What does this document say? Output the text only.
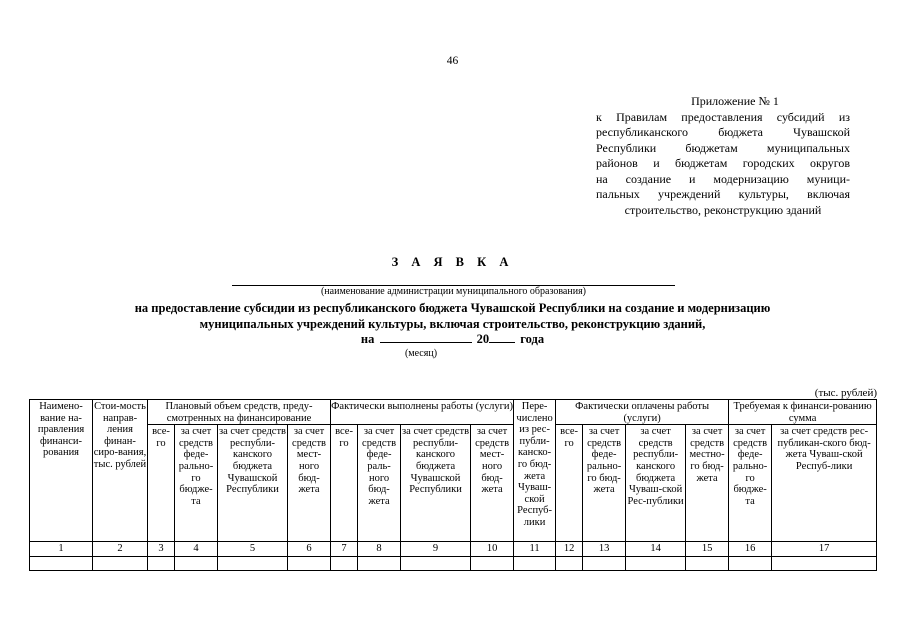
46
Приложение № 1
к Правилам предоставления субсидий из
республиканского бюджета Чувашской
Республики бюджетам муниципальных
районов и бюджетам городских округов
на создание и модернизацию муници-
пальных учреждений культуры, включая
строительство, реконструкцию зданий
З А Я В К А
(наименование администрации муниципального образования)
на предоставление субсидии из республиканского бюджета Чувашской Республики на создание и модернизацию
муниципальных учреждений культуры, включая строительство, реконструкцию зданий,
на	20 года
(месяц)
(тыс. рублей)
Наимено-вание на-правления финанси-рования	Стои-мость направ-ления финан-сиро-вания, тыс. рублей	Плановый объем средств, преду-смотренных на финансирование				Фактически выполнены работы (услуги)				Пере-числено из рес-публи-канско-го бюд-жета Чуваш-ской Респуб-лики	Фактически оплачены работы (услуги)				Требуемая к финанси-рованию сумма	
		все-го	за счет средств феде-рально-го бюдже-та	за счет средств республи-канского бюджета Чувашской Республики	за счет средств мест-ного бюд-жета	все-го	за счет средств феде-раль-ного бюд-жета	за счет средств республи-канского бюджета Чувашской Республики	за счет средств мест-ного бюд-жета		все-го	за счет средств феде-рально-го бюд-жета	за счет средств республи-канского бюджета Чуваш-ской Рес-публики	за счет средств местно-го бюд-жета	за счет средств феде-рально-го бюдже-та	за счет средств рес-публикан-ского бюд-жета Чуваш-ской Респуб-лики
1	2	3	4	5	6	7	8	9	10	11	12	13	14	15	16	17
